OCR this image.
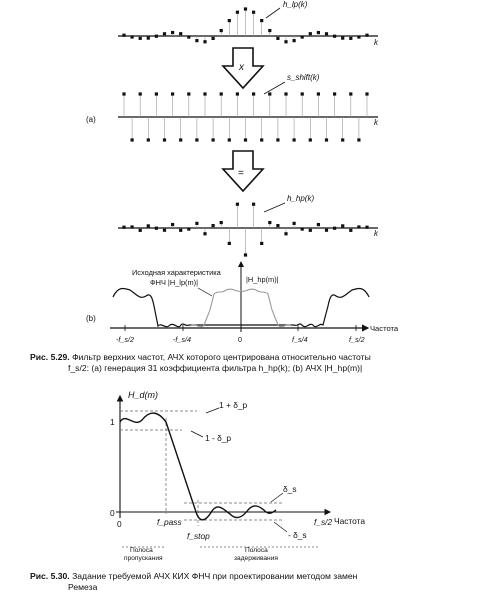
h_lp(k)
k
x
s_shift(k)
k
(a)
=
h_hp(k)
k
(b)
Исходная характеристика
ФНЧ |H_lp(m)|	|H_hp(m)|
Частота
-f_s/2	-f_s/4	0	f_s/4	f_s/2
H_d(m)
1
0
1 + δ_p
1 - δ_p
δ_s
- δ_s
0	f_pass
f_stop
f_s/2 Частота
Полоса
пропускания
Полоса
задерживания
Рис. 5.29. Фильтр верхних частот, АЧХ которого центрирована относительно частоты
f_s/2: (a) генерация 31 коэффициента фильтра h_hp(k); (b) АЧХ |H_hp(m)|
Рис. 5.30. Задание требуемой АЧХ КИХ ФНЧ при проектировании методом замен
Ремеза
